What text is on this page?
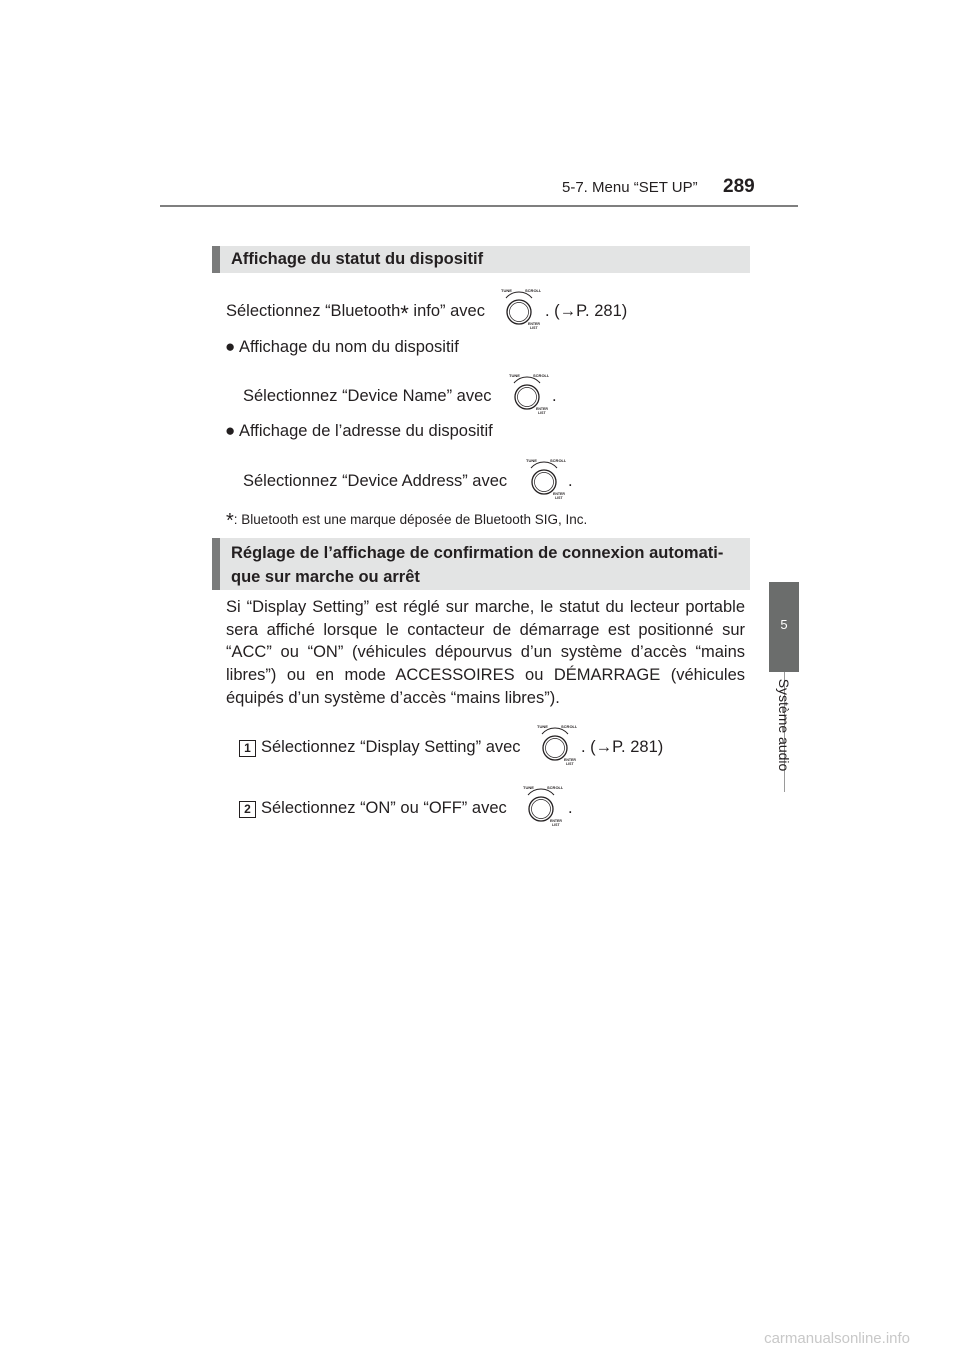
5-7. Menu “SET UP” 289
5
Système audio
Affichage du statut du dispositif
Sélectionnez “Bluetooth* info” avec
TUNE	SCROLL
ENTER
LIST
. (→P. 281)
● Affichage du nom du dispositif
Sélectionnez “Device Name” avec
TUNE	SCROLL
ENTER
LIST
.
● Affichage de l’adresse du dispositif
Sélectionnez “Device Address” avec
TUNE	SCROLL
ENTER
LIST
.
*: Bluetooth est une marque déposée de Bluetooth SIG, Inc.
Réglage de l’affichage de confirmation de connexion automati-
que sur marche ou arrêt
Si “Display Setting” est réglé sur marche, le statut du lecteur portable sera affiché lorsque le contacteur de démarrage est positionné sur “ACC” ou “ON” (véhicules dépourvus d’un système d’accès “mains libres”) ou en mode ACCESSOIRES ou DÉMARRAGE (véhicules équipés d’un système d’accès “mains libres”).
1 Sélectionnez “Display Setting” avec
TUNE	SCROLL
ENTER
LIST
. (→P. 281)
2 Sélectionnez “ON” ou “OFF” avec
TUNE	SCROLL
ENTER
LIST
.
carmanualsonline.info
